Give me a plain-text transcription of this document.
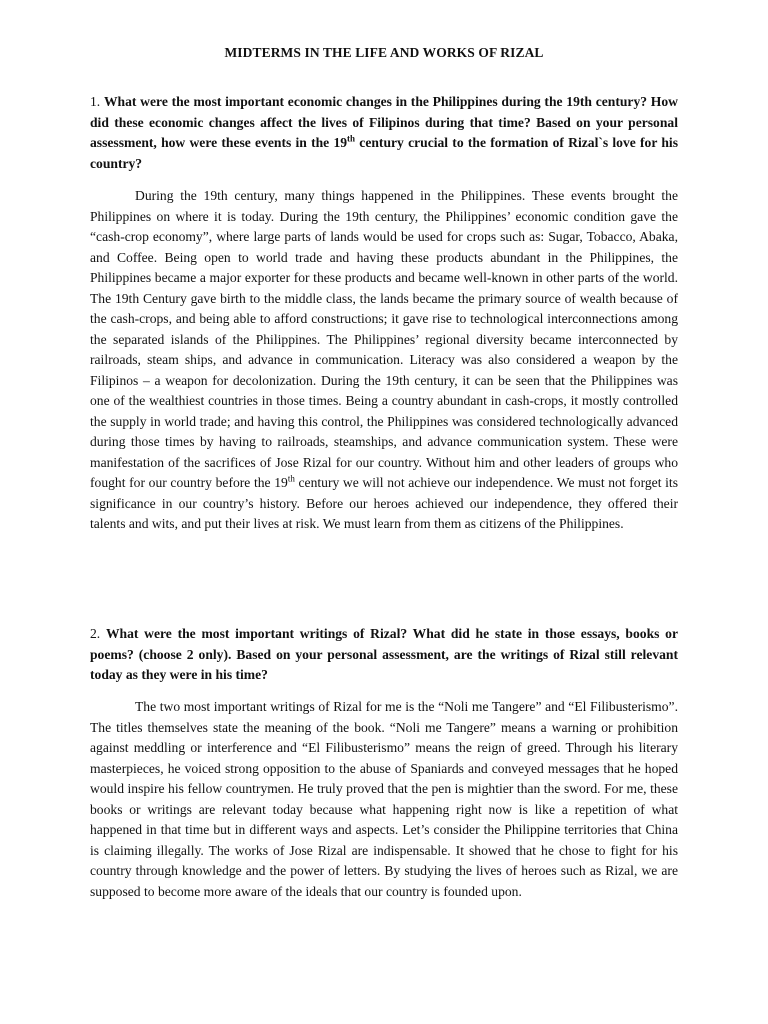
MIDTERMS IN THE LIFE AND WORKS OF RIZAL
1. What were the most important economic changes in the Philippines during the 19th century? How did these economic changes affect the lives of Filipinos during that time? Based on your personal assessment, how were these events in the 19th century crucial to the formation of Rizal`s love for his country?
During the 19th century, many things happened in the Philippines. These events brought the Philippines on where it is today. During the 19th century, the Philippines’ economic condition gave the “cash-crop economy”, where large parts of lands would be used for crops such as: Sugar, Tobacco, Abaka, and Coffee. Being open to world trade and having these products abundant in the Philippines, the Philippines became a major exporter for these products and became well-known in other parts of the world. The 19th Century gave birth to the middle class, the lands became the primary source of wealth because of the cash-crops, and being able to afford constructions; it gave rise to technological interconnections among the separated islands of the Philippines. The Philippines’ regional diversity became interconnected by railroads, steam ships, and advance in communication. Literacy was also considered a weapon by the Filipinos – a weapon for decolonization. During the 19th century, it can be seen that the Philippines was one of the wealthiest countries in those times. Being a country abundant in cash-crops, it mostly controlled the supply in world trade; and having this control, the Philippines was considered technologically advanced during those times by having to railroads, steamships, and advance communication system. These were manifestation of the sacrifices of Jose Rizal for our country. Without him and other leaders of groups who fought for our country before the 19th century we will not achieve our independence. We must not forget its significance in our country’s history. Before our heroes achieved our independence, they offered their talents and wits, and put their lives at risk. We must learn from them as citizens of the Philippines.
2. What were the most important writings of Rizal? What did he state in those essays, books or poems? (choose 2 only). Based on your personal assessment, are the writings of Rizal still relevant today as they were in his time?
The two most important writings of Rizal for me is the “Noli me Tangere” and “El Filibusterismo”. The titles themselves state the meaning of the book. “Noli me Tangere” means a warning or prohibition against meddling or interference and “El Filibusterismo” means the reign of greed. Through his literary masterpieces, he voiced strong opposition to the abuse of Spaniards and conveyed messages that he hoped would inspire his fellow countrymen. He truly proved that the pen is mightier than the sword. For me, these books or writings are relevant today because what happening right now is like a repetition of what happened in that time but in different ways and aspects. Let’s consider the Philippine territories that China is claiming illegally. The works of Jose Rizal are indispensable. It showed that he chose to fight for his country through knowledge and the power of letters. By studying the lives of heroes such as Rizal, we are supposed to become more aware of the ideals that our country is founded upon.
